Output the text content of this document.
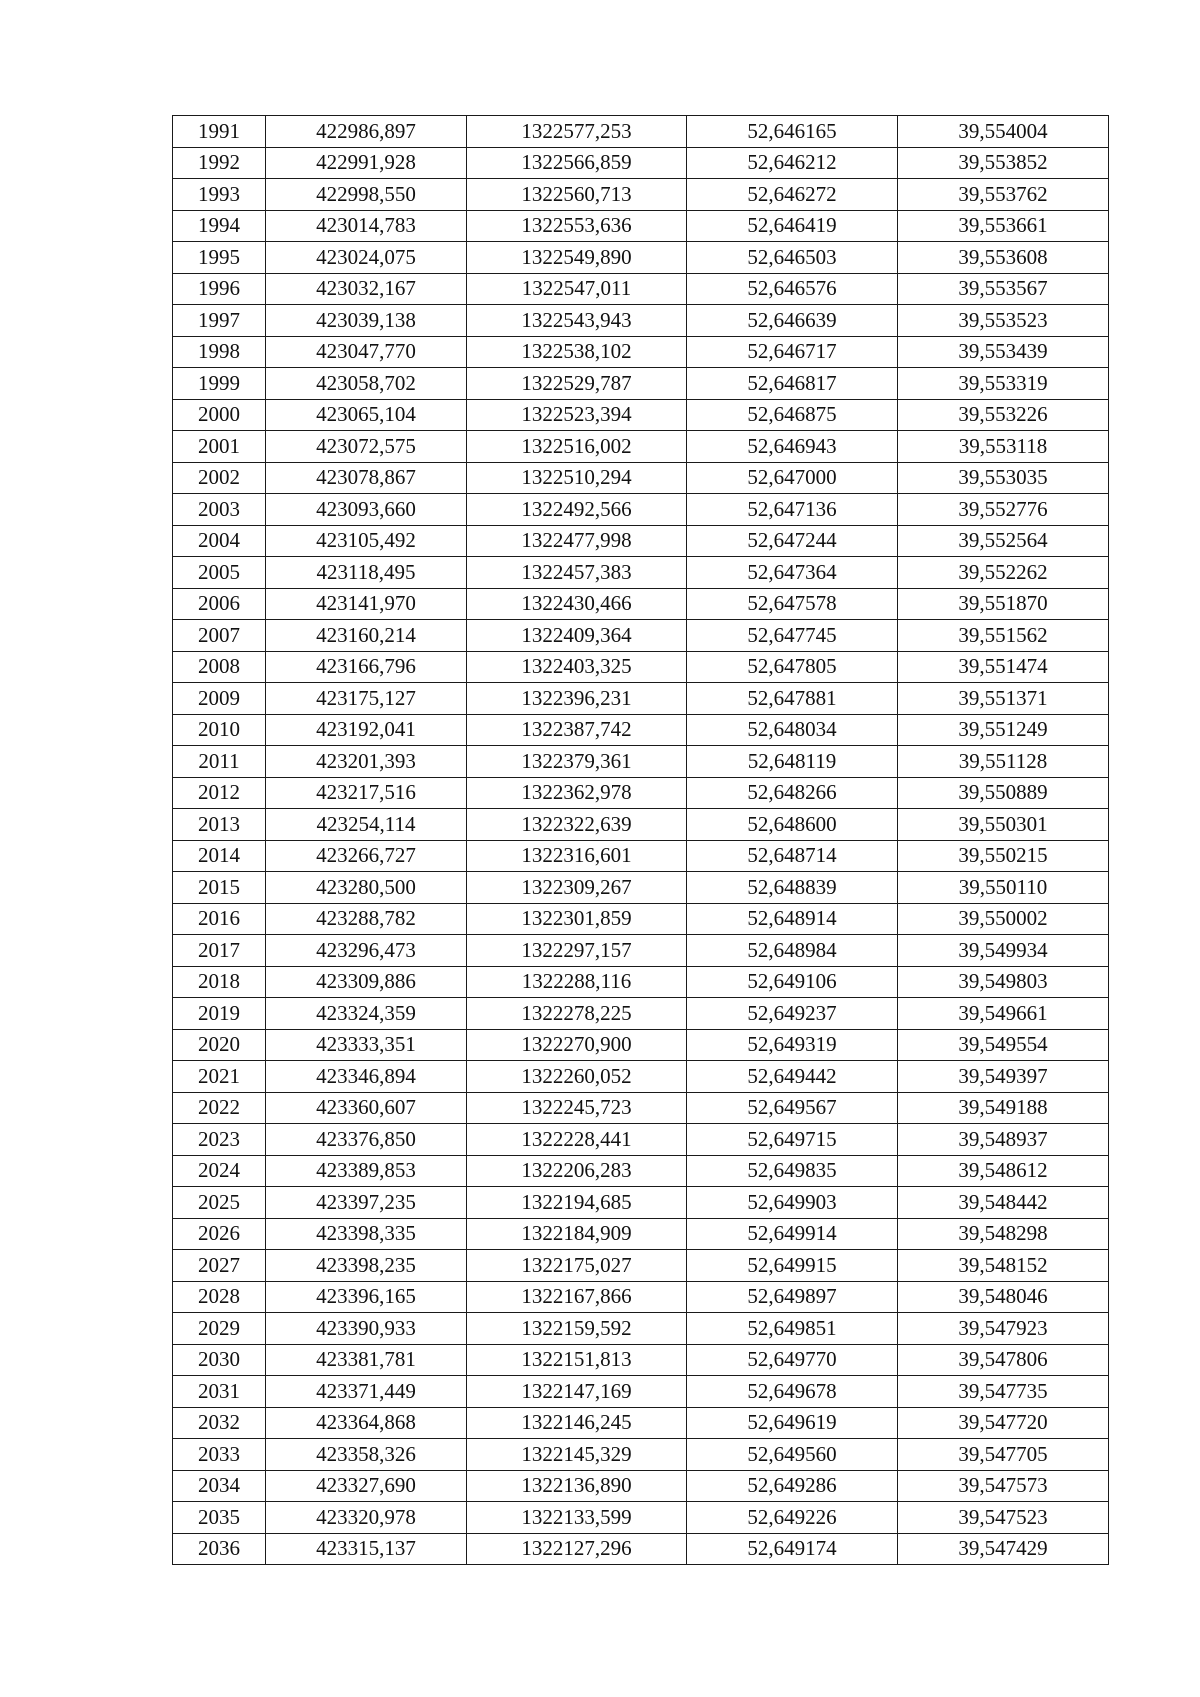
1991	422986,897	1322577,253	52,646165	39,554004
1992	422991,928	1322566,859	52,646212	39,553852
1993	422998,550	1322560,713	52,646272	39,553762
1994	423014,783	1322553,636	52,646419	39,553661
1995	423024,075	1322549,890	52,646503	39,553608
1996	423032,167	1322547,011	52,646576	39,553567
1997	423039,138	1322543,943	52,646639	39,553523
1998	423047,770	1322538,102	52,646717	39,553439
1999	423058,702	1322529,787	52,646817	39,553319
2000	423065,104	1322523,394	52,646875	39,553226
2001	423072,575	1322516,002	52,646943	39,553118
2002	423078,867	1322510,294	52,647000	39,553035
2003	423093,660	1322492,566	52,647136	39,552776
2004	423105,492	1322477,998	52,647244	39,552564
2005	423118,495	1322457,383	52,647364	39,552262
2006	423141,970	1322430,466	52,647578	39,551870
2007	423160,214	1322409,364	52,647745	39,551562
2008	423166,796	1322403,325	52,647805	39,551474
2009	423175,127	1322396,231	52,647881	39,551371
2010	423192,041	1322387,742	52,648034	39,551249
2011	423201,393	1322379,361	52,648119	39,551128
2012	423217,516	1322362,978	52,648266	39,550889
2013	423254,114	1322322,639	52,648600	39,550301
2014	423266,727	1322316,601	52,648714	39,550215
2015	423280,500	1322309,267	52,648839	39,550110
2016	423288,782	1322301,859	52,648914	39,550002
2017	423296,473	1322297,157	52,648984	39,549934
2018	423309,886	1322288,116	52,649106	39,549803
2019	423324,359	1322278,225	52,649237	39,549661
2020	423333,351	1322270,900	52,649319	39,549554
2021	423346,894	1322260,052	52,649442	39,549397
2022	423360,607	1322245,723	52,649567	39,549188
2023	423376,850	1322228,441	52,649715	39,548937
2024	423389,853	1322206,283	52,649835	39,548612
2025	423397,235	1322194,685	52,649903	39,548442
2026	423398,335	1322184,909	52,649914	39,548298
2027	423398,235	1322175,027	52,649915	39,548152
2028	423396,165	1322167,866	52,649897	39,548046
2029	423390,933	1322159,592	52,649851	39,547923
2030	423381,781	1322151,813	52,649770	39,547806
2031	423371,449	1322147,169	52,649678	39,547735
2032	423364,868	1322146,245	52,649619	39,547720
2033	423358,326	1322145,329	52,649560	39,547705
2034	423327,690	1322136,890	52,649286	39,547573
2035	423320,978	1322133,599	52,649226	39,547523
2036	423315,137	1322127,296	52,649174	39,547429
